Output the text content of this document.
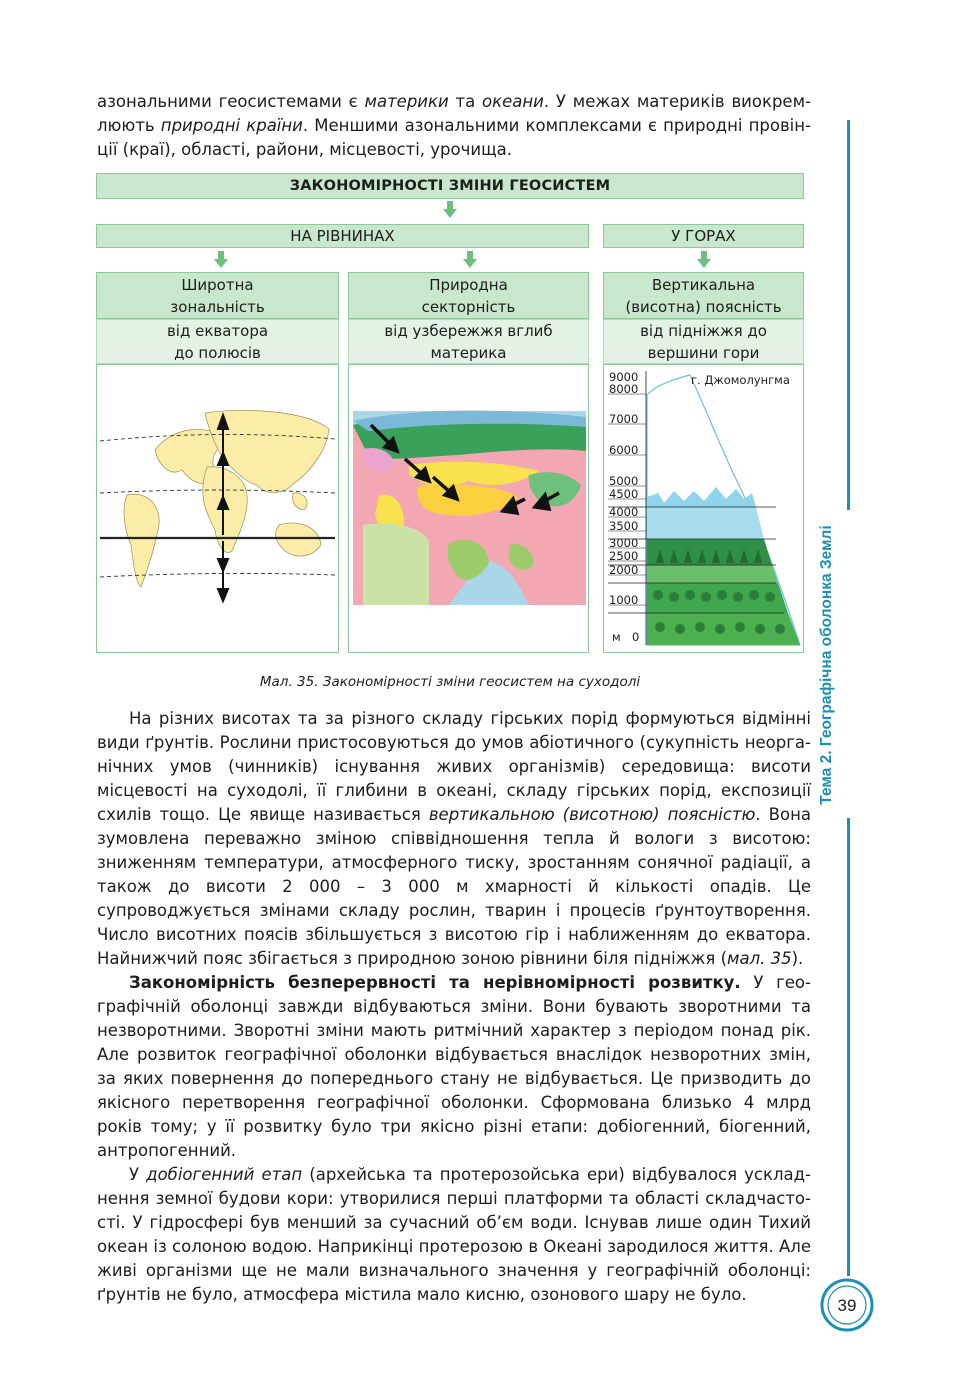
азональними геосистемами є материки та океани. У межах материків виокремлюють природні країни. Меншими азональними комплексами є природні провінції (краї), області, райони, місцевості, урочища.

ЗАКОНОМІРНОСТІ ЗМІНИ ГЕОСИСТЕМ
НА РІВНИНАХ	У ГОРАХ
Широтна
зональність
від екватора
до полюсів
Природна
секторність
від узбережжя вглиб
материка
Вертикальна
(висотна) поясність
від підніжжя до
вершини гори
9000
8000
7000
6000
5000
4500
4000
3500
3000
2500
2000
1000
м 0
г. Джомолунгма
Мал. 35. Закономірності зміни геосистем на суходолі

На різних висотах та за різного складу гірських порід формуються відмінні види ґрунтів. Рослини пристосовуються до умов абіотичного (сукупність неорганічних умов (чинників) існування живих організмів) середовища: висоти місцевості на суходолі, її глибини в океані, складу гірських порід, експозиції схилів тощо. Це явище називається вертикальною (висотною) поясністю. Вона зумовлена переважно зміною співвідношення тепла й вологи з висотою: зниженням температури, атмосферного тиску, зростанням сонячної радіації, а також до висоти 2 000 – 3 000 м хмарності й кількості опадів. Це супроводжується змінами складу рослин, тварин і процесів ґрунтоутворення. Число висотних поясів збільшується з висотою гір і наближенням до екватора. Найнижчий пояс збігається з природною зоною рівнини біля підніжжя (мал. 35).

Закономірність безперервності та нерівномірності розвитку. У географічній оболонці завжди відбуваються зміни. Вони бувають зворотними та незворотними. Зворотні зміни мають ритмічний характер з періодом понад рік. Але розвиток географічної оболонки відбувається внаслідок незворотних змін, за яких повернення до попереднього стану не відбувається. Це призводить до якісного перетворення географічної оболонки. Сформована близько 4 млрд років тому; у її розвитку було три якісно різні етапи: добіогенний, біогенний, антропогенний.

У добіогенний етап (архейська та протерозойська ери) відбувалося ускладнення земної будови кори: утворилися перші платформи та області складчастості. У гідросфері був менший за сучасний об’єм води. Існував лише один Тихий океан із солоною водою. Наприкінці протерозою в Океані зародилося життя. Але живі організми ще не мали визначального значення у географічній оболонці: ґрунтів не було, атмосфера містила мало кисню, озонового шару не було.

Тема 2. Географічна оболонка Землі
39
